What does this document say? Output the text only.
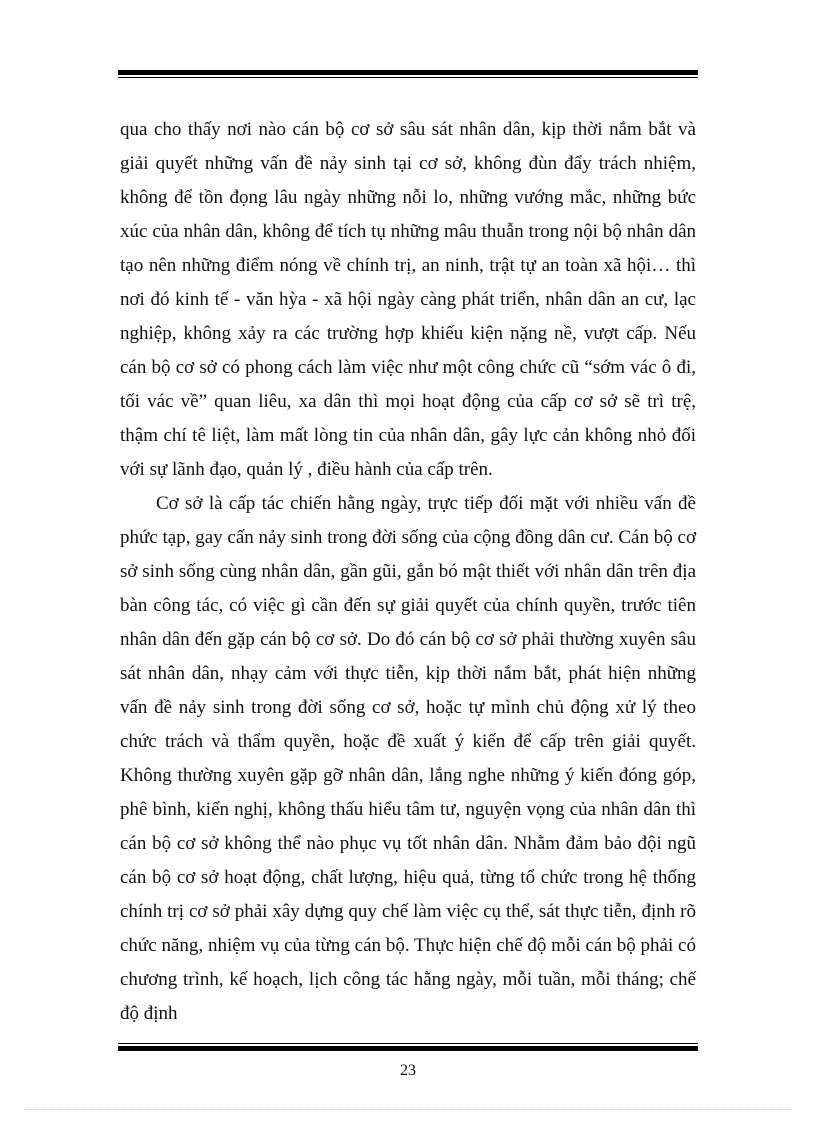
qua cho thấy nơi nào cán bộ cơ sở sâu sát nhân dân, kịp thời nắm bắt và giải quyết những vấn đề nảy sinh tại cơ sở, không đùn đẩy trách nhiệm, không để tồn đọng lâu ngày những nỗi lo, những vướng mắc, những bức xúc của nhân dân, không để tích tụ những mâu thuẫn trong nội bộ nhân dân tạo nên những điểm nóng về chính trị, an ninh, trật tự an toàn xã hội… thì nơi đó kinh tế - văn hỳa - xã hội ngày càng phát triển, nhân dân an cư, lạc nghiệp, không xảy ra các trường hợp khiếu kiện nặng nề, vượt cấp. Nếu cán bộ cơ sở có phong cách làm việc như một công chức cũ “sớm vác ô đi, tối vác về” quan liêu, xa dân thì mọi hoạt động của cấp cơ sở sẽ trì trệ, thậm chí tê liệt, làm mất lòng tin của nhân dân, gây lực cản không nhỏ đối với sự lãnh đạo, quản lý , điều hành của cấp trên.

Cơ sở là cấp tác chiến hằng ngày, trực tiếp đối mặt với nhiều vấn đề phức tạp, gay cấn nảy sinh trong đời sống của cộng đồng dân cư. Cán bộ cơ sở sinh sống cùng nhân dân, gần gũi, gắn bó mật thiết với nhân dân trên địa bàn công tác, có việc gì cần đến sự giải quyết của chính quyền, trước tiên nhân dân đến gặp cán bộ cơ sở. Do đó cán bộ cơ sở phải thường xuyên sâu sát nhân dân, nhạy cảm với thực tiễn, kịp thời nắm bắt, phát hiện những vấn đề nảy sinh trong đời sống cơ sở, hoặc tự mình chủ động xử lý theo chức trách và thẩm quyền, hoặc đề xuất ý kiến để cấp trên giải quyết. Không thường xuyên gặp gỡ nhân dân, lắng nghe những ý kiến đóng góp, phê bình, kiến nghị, không thấu hiểu tâm tư, nguyện vọng của nhân dân thì cán bộ cơ sở không thể nào phục vụ tốt nhân dân. Nhằm đảm bảo đội ngũ cán bộ cơ sở hoạt động, chất lượng, hiệu quả, từng tổ chức trong hệ thống chính trị cơ sở phải xây dựng quy chế làm việc cụ thể, sát thực tiễn, định rõ chức năng, nhiệm vụ của từng cán bộ. Thực hiện chế độ mỗi cán bộ phải có chương trình, kế hoạch, lịch công tác hằng ngày, mỗi tuần, mỗi tháng; chế độ định

23
